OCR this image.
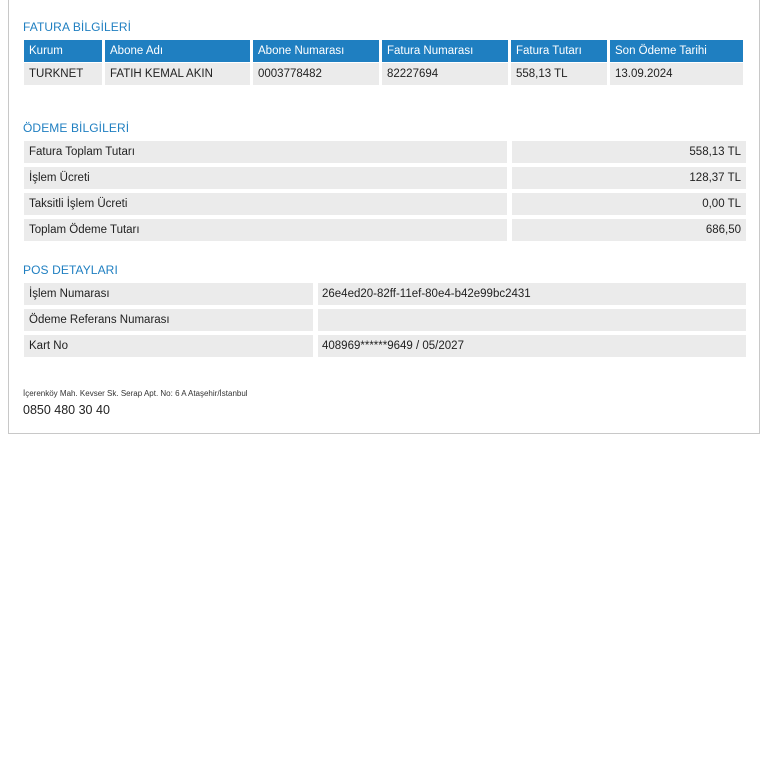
FATURA BİLGİLERİ
Kurum	Abone Adı	Abone Numarası	Fatura Numarası	Fatura Tutarı	Son Ödeme Tarihi
TURKNET	FATIH KEMAL AKIN	0003778482	82227694	558,13 TL	13.09.2024
ÖDEME BİLGİLERİ
Fatura Toplam Tutarı	558,13 TL
İşlem Ücreti	128,37 TL
Taksitli İşlem Ücreti	0,00 TL
Toplam Ödeme Tutarı	686,50
POS DETAYLARI
İşlem Numarası	26e4ed20-82ff-11ef-80e4-b42e99bc2431
Ödeme Referans Numarası
Kart No	408969******9649 / 05/2027
İçerenköy Mah. Kevser Sk. Serap Apt. No: 6 A Ataşehir/İstanbul
0850 480 30 40
